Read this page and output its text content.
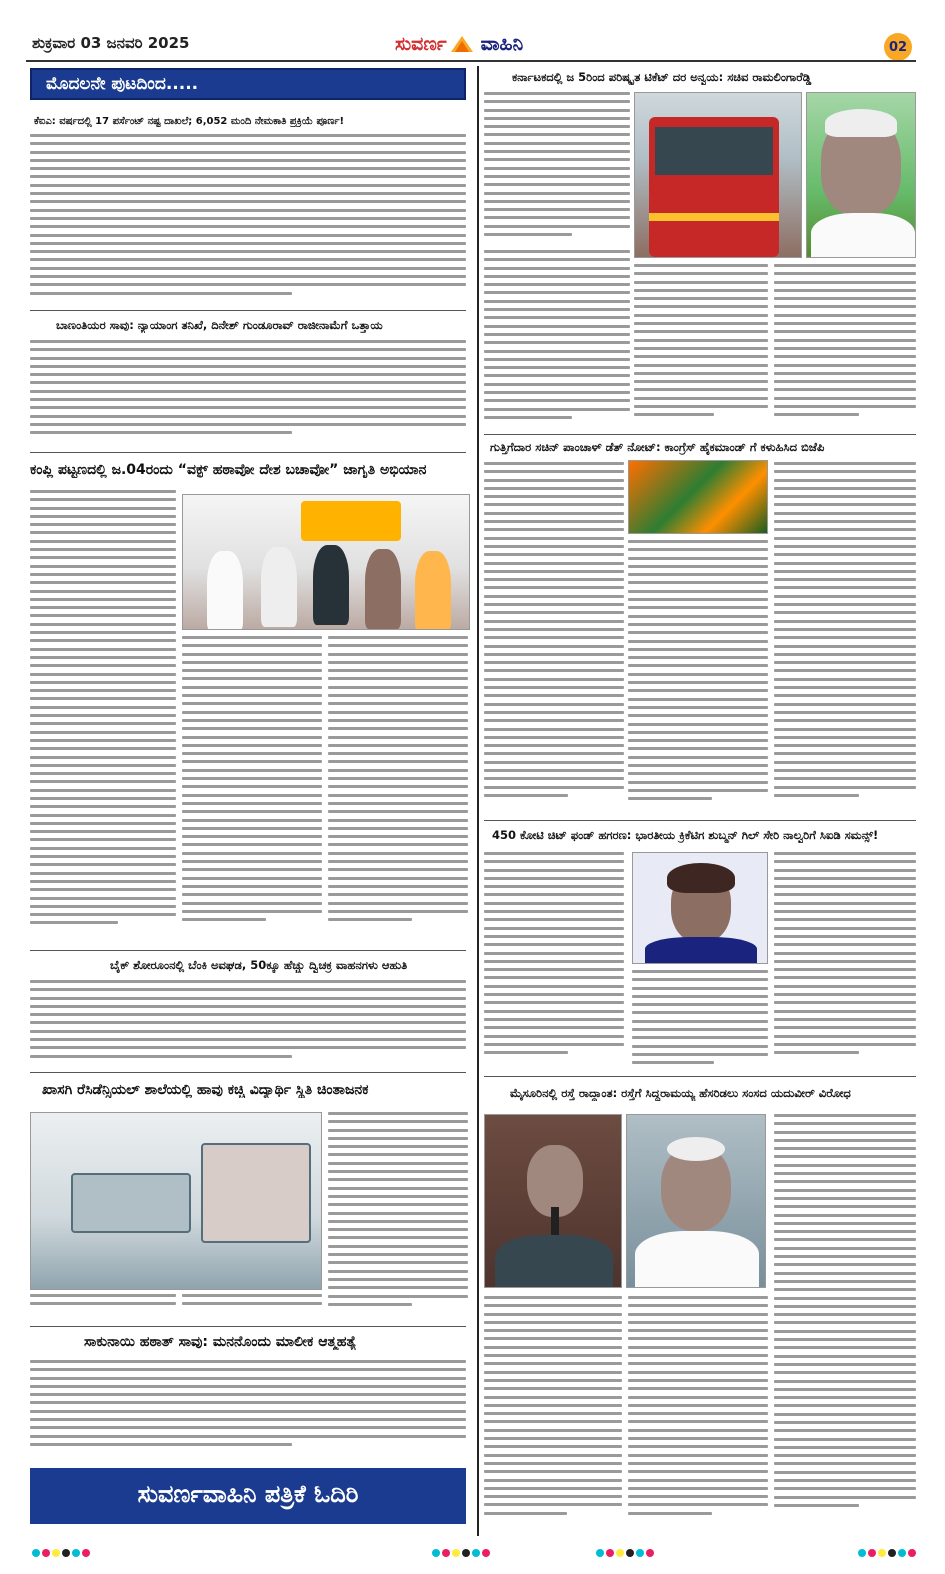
ಶುಕ್ರವಾರ 03 ಜನವರಿ 2025	ಸುವರ್ಣ ವಾಹಿನಿ	02
ಮೊದಲನೇ ಪುಟದಿಂದ.....
ಕೆಐಎ: ವರ್ಷದಲ್ಲಿ 17 ಪರ್ಸೆಂಟ್ ನಷ್ಟ ದಾಖಲೆ; 6,052 ಮಂದಿ ನೇಮಕಾತಿ ಪ್ರಕ್ರಿಯೆ ಪೂರ್ಣ!
ಬಾಣಂತಿಯರ ಸಾವು: ನ್ಯಾಯಾಂಗ ತನಿಖೆ, ದಿನೇಶ್ ಗುಂಡೂರಾವ್ ರಾಜೀನಾಮೆಗೆ ಒತ್ತಾಯ
ಕಂಪ್ಲಿ ಪಟ್ಟಣದಲ್ಲಿ ಜ.04ರಂದು “ವಕ್ಫ್ ಹಠಾವೋ ದೇಶ ಬಚಾವೋ” ಜಾಗೃತಿ ಅಭಿಯಾನ
ಬೈಕ್ ಶೋರೂಂನಲ್ಲಿ ಬೆಂಕಿ ಅವಘಡ, 50ಕ್ಕೂ ಹೆಚ್ಚು ದ್ವಿಚಕ್ರ ವಾಹನಗಳು ಆಹುತಿ
ಖಾಸಗಿ ರೆಸಿಡೆನ್ಸಿಯಲ್ ಶಾಲೆಯಲ್ಲಿ ಹಾವು ಕಚ್ಚಿ ವಿದ್ಯಾರ್ಥಿ ಸ್ಥಿತಿ ಚಿಂತಾಜನಕ
ಸಾಕುನಾಯಿ ಹಠಾತ್ ಸಾವು: ಮನನೊಂದು ಮಾಲೀಕ ಆತ್ಮಹತ್ಯೆ
ಸುವರ್ಣವಾಹಿನಿ ಪತ್ರಿಕೆ ಓದಿರಿ
ಕರ್ನಾಟಕದಲ್ಲಿ ಜ 5ರಿಂದ ಪರಿಷ್ಕೃತ ಟಿಕೆಟ್ ದರ ಅನ್ವಯ: ಸಚಿವ ರಾಮಲಿಂಗಾರೆಡ್ಡಿ
ಗುತ್ತಿಗೆದಾರ ಸಚಿನ್ ಪಾಂಚಾಳ್ ಡೆತ್ ನೋಟ್: ಕಾಂಗ್ರೆಸ್ ಹೈಕಮಾಂಡ್ ಗೆ ಕಳುಹಿಸಿದ ಬಿಜೆಪಿ
450 ಕೋಟಿ ಚಿಟ್ ಫಂಡ್ ಹಗರಣ: ಭಾರತೀಯ ಕ್ರಿಕೆಟಿಗ ಶುಬ್ಮನ್ ಗಿಲ್ ಸೇರಿ ನಾಲ್ವರಿಗೆ ಸಿಐಡಿ ಸಮನ್ಸ್!
ಮೈಸೂರಿನಲ್ಲಿ ರಸ್ತೆ ರಾದ್ಧಾಂತ: ರಸ್ತೆಗೆ ಸಿದ್ದರಾಮಯ್ಯ ಹೆಸರಿಡಲು ಸಂಸದ ಯದುವೀರ್ ವಿರೋಧ
